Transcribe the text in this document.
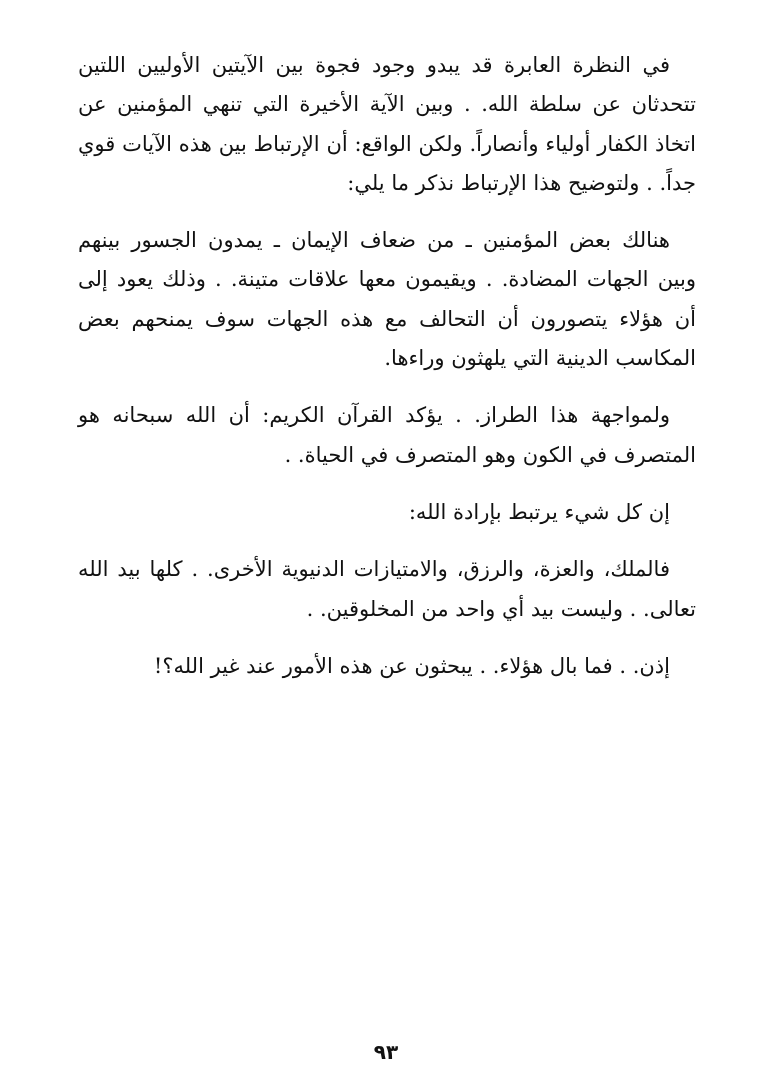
في النظرة العابرة قد يبدو وجود فجوة بين الآيتين الأوليين اللتين تتحدثان عن سلطة الله. . وبين الآية الأخيرة التي تنهي المؤمنين عن اتخاذ الكفار أولياء وأنصاراً. ولكن الواقع: أن الإرتباط بين هذه الآيات قوي جداً. . ولتوضيح هذا الإرتباط نذكر ما يلي:

هنالك بعض المؤمنين ـ من ضعاف الإيمان ـ يمدون الجسور بينهم وبين الجهات المضادة. . ويقيمون معها علاقات متينة. . وذلك يعود إلى أن هؤلاء يتصورون أن التحالف مع هذه الجهات سوف يمنحهم بعض المكاسب الدينية التي يلهثون وراءها.

ولمواجهة هذا الطراز. . يؤكد القرآن الكريم: أن الله سبحانه هو المتصرف في الكون وهو المتصرف في الحياة. .

إن كل شيء يرتبط بإرادة الله:

فالملك، والعزة، والرزق، والامتيازات الدنيوية الأخرى. . كلها بيد الله تعالى. . وليست بيد أي واحد من المخلوقين. .

إذن. . فما بال هؤلاء. . يبحثون عن هذه الأمور عند غير الله؟!

٩٣
